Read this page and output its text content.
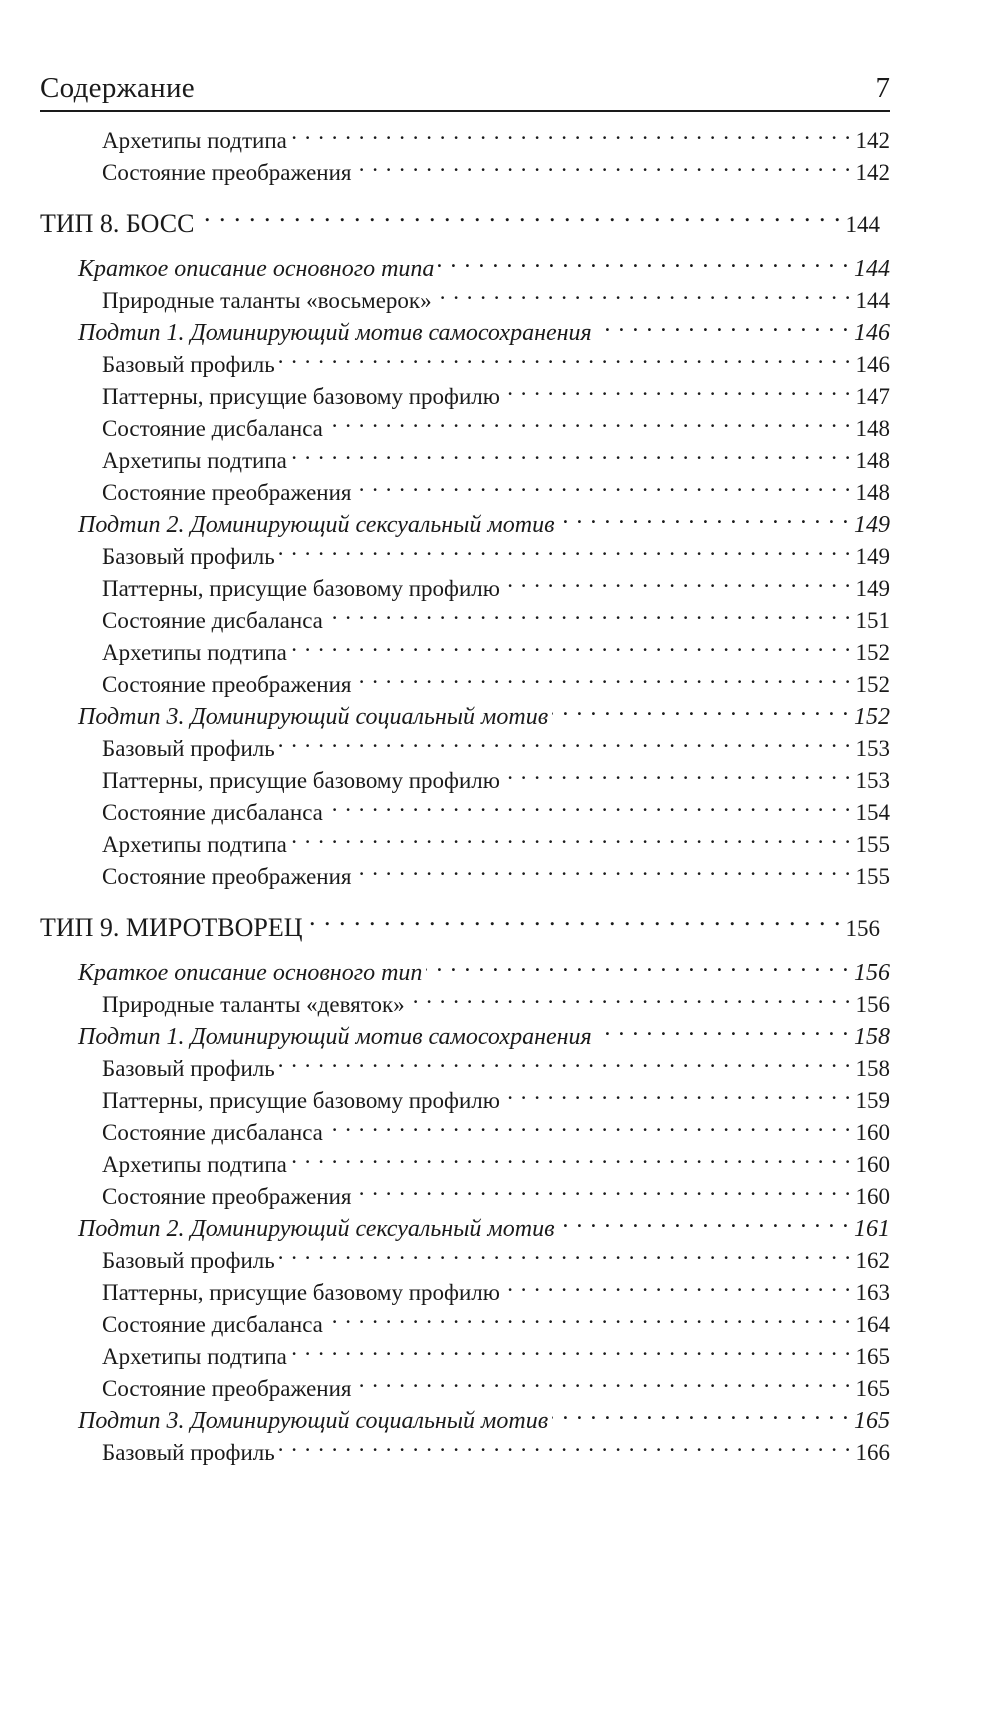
Содержание	7
Архетипы подтипа . . .	142
Состояние преображения . . .	142
ТИП 8. БОСС . . .	144
Краткое описание основного типа . . .	144
Природные таланты «восьмерок» . . .	144
Подтип 1. Доминирующий мотив самосохранения . . .	146
Базовый профиль . . .	146
Паттерны, присущие базовому профилю . . .	147
Состояние дисбаланса . . .	148
Архетипы подтипа . . .	148
Состояние преображения . . .	148
Подтип 2. Доминирующий сексуальный мотив . . .	149
Базовый профиль . . .	149
Паттерны, присущие базовому профилю . . .	149
Состояние дисбаланса . . .	151
Архетипы подтипа . . .	152
Состояние преображения . . .	152
Подтип 3. Доминирующий социальный мотив . . .	152
Базовый профиль . . .	153
Паттерны, присущие базовому профилю . . .	153
Состояние дисбаланса . . .	154
Архетипы подтипа . . .	155
Состояние преображения . . .	155
ТИП 9. МИРОТВОРЕЦ . . .	156
Краткое описание основного тип . . .	156
Природные таланты «девяток» . . .	156
Подтип 1. Доминирующий мотив самосохранения . . .	158
Базовый профиль . . .	158
Паттерны, присущие базовому профилю . . .	159
Состояние дисбаланса . . .	160
Архетипы подтипа . . .	160
Состояние преображения . . .	160
Подтип 2. Доминирующий сексуальный мотив . . .	161
Базовый профиль . . .	162
Паттерны, присущие базовому профилю . . .	163
Состояние дисбаланса . . .	164
Архетипы подтипа . . .	165
Состояние преображения . . .	165
Подтип 3. Доминирующий социальный мотив . . .	165
Базовый профиль . . .	166
